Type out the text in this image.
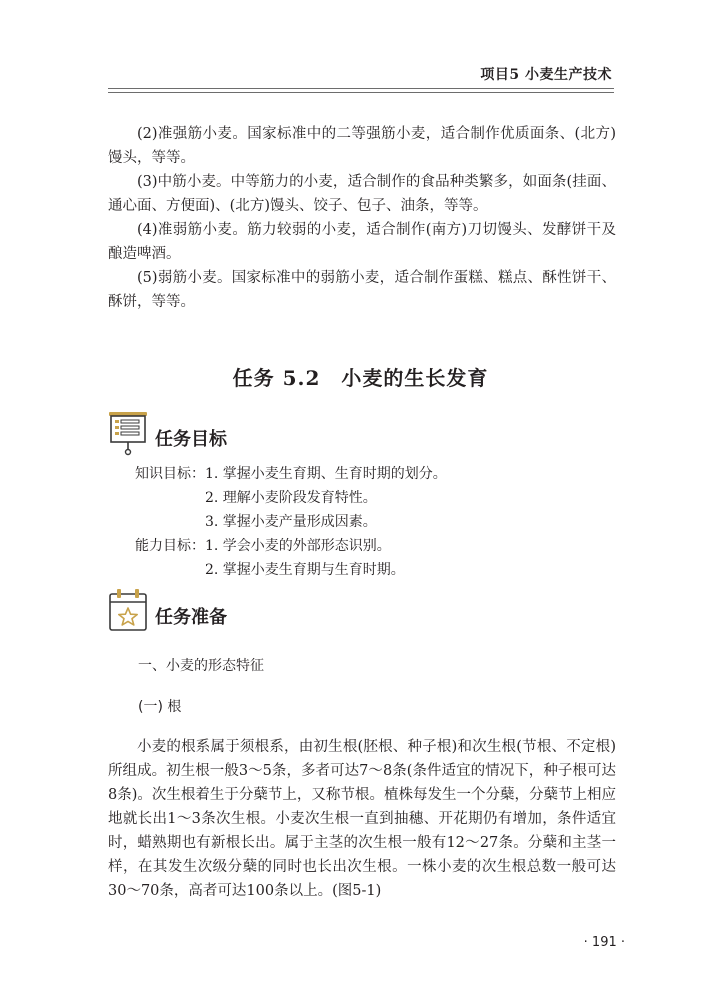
项目5 小麦生产技术

(2)准强筋小麦。国家标准中的二等强筋小麦，适合制作优质面条、(北方)馒头，等等。

(3)中筋小麦。中等筋力的小麦，适合制作的食品种类繁多，如面条(挂面、通心面、方便面)、(北方)馒头、饺子、包子、油条，等等。

(4)准弱筋小麦。筋力较弱的小麦，适合制作(南方)刀切馒头、发酵饼干及酿造啤酒。

(5)弱筋小麦。国家标准中的弱筋小麦，适合制作蛋糕、糕点、酥性饼干、酥饼，等等。

任务 5.2　小麦的生长发育
任务目标
知识目标： 1. 掌握小麦生育期、生育时期的划分。
2. 理解小麦阶段发育特性。
3. 掌握小麦产量形成因素。
能力目标： 1. 学会小麦的外部形态识别。
2. 掌握小麦生育期与生育时期。
任务准备
一、小麦的形态特征
(一) 根

小麦的根系属于须根系，由初生根(胚根、种子根)和次生根(节根、不定根)所组成。初生根一般3～5条，多者可达7～8条(条件适宜的情况下，种子根可达8条)。次生根着生于分蘖节上，又称节根。植株每发生一个分蘖，分蘖节上相应地就长出1～3条次生根。小麦次生根一直到抽穗、开花期仍有增加，条件适宜时，蜡熟期也有新根长出。属于主茎的次生根一般有12～27条。分蘖和主茎一样，在其发生次级分蘖的同时也长出次生根。一株小麦的次生根总数一般可达30～70条，高者可达100条以上。(图5-1)

· 191 ·
